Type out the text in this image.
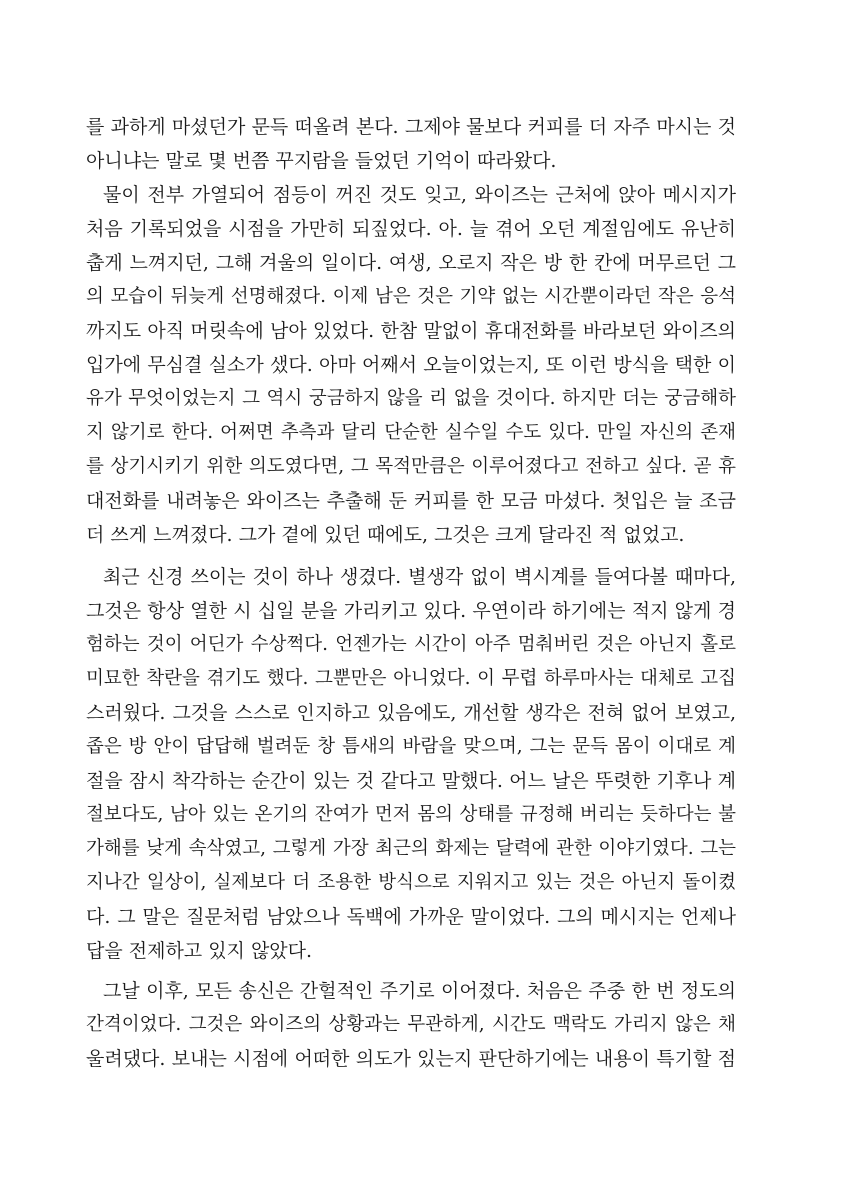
를 과하게 마셨던가 문득 떠올려 본다. 그제야 물보다 커피를 더 자주 마시는 것
아니냐는 말로 몇 번쯤 꾸지람을 들었던 기억이 따라왔다.
물이 전부 가열되어 점등이 꺼진 것도 잊고, 와이즈는 근처에 앉아 메시지가
처음 기록되었을 시점을 가만히 되짚었다. 아. 늘 겪어 오던 계절임에도 유난히
춥게 느껴지던, 그해 겨울의 일이다. 여생, 오로지 작은 방 한 칸에 머무르던 그
의 모습이 뒤늦게 선명해졌다. 이제 남은 것은 기약 없는 시간뿐이라던 작은 응석
까지도 아직 머릿속에 남아 있었다. 한참 말없이 휴대전화를 바라보던 와이즈의
입가에 무심결 실소가 샜다. 아마 어째서 오늘이었는지, 또 이런 방식을 택한 이
유가 무엇이었는지 그 역시 궁금하지 않을 리 없을 것이다. 하지만 더는 궁금해하
지 않기로 한다. 어쩌면 추측과 달리 단순한 실수일 수도 있다. 만일 자신의 존재
를 상기시키기 위한 의도였다면, 그 목적만큼은 이루어졌다고 전하고 싶다. 곧 휴
대전화를 내려놓은 와이즈는 추출해 둔 커피를 한 모금 마셨다. 첫입은 늘 조금
더 쓰게 느껴졌다. 그가 곁에 있던 때에도, 그것은 크게 달라진 적 없었고.
최근 신경 쓰이는 것이 하나 생겼다. 별생각 없이 벽시계를 들여다볼 때마다,
그것은 항상 열한 시 십일 분을 가리키고 있다. 우연이라 하기에는 적지 않게 경
험하는 것이 어딘가 수상쩍다. 언젠가는 시간이 아주 멈춰버린 것은 아닌지 홀로
미묘한 착란을 겪기도 했다. 그뿐만은 아니었다. 이 무렵 하루마사는 대체로 고집
스러웠다. 그것을 스스로 인지하고 있음에도, 개선할 생각은 전혀 없어 보였고,
좁은 방 안이 답답해 벌려둔 창 틈새의 바람을 맞으며, 그는 문득 몸이 이대로 계
절을 잠시 착각하는 순간이 있는 것 같다고 말했다. 어느 날은 뚜렷한 기후나 계
절보다도, 남아 있는 온기의 잔여가 먼저 몸의 상태를 규정해 버리는 듯하다는 불
가해를 낮게 속삭였고, 그렇게 가장 최근의 화제는 달력에 관한 이야기였다. 그는
지나간 일상이, 실제보다 더 조용한 방식으로 지워지고 있는 것은 아닌지 돌이켰
다. 그 말은 질문처럼 남았으나 독백에 가까운 말이었다. 그의 메시지는 언제나
답을 전제하고 있지 않았다.
그날 이후, 모든 송신은 간헐적인 주기로 이어졌다. 처음은 주중 한 번 정도의
간격이었다. 그것은 와이즈의 상황과는 무관하게, 시간도 맥락도 가리지 않은 채
울려댔다. 보내는 시점에 어떠한 의도가 있는지 판단하기에는 내용이 특기할 점
